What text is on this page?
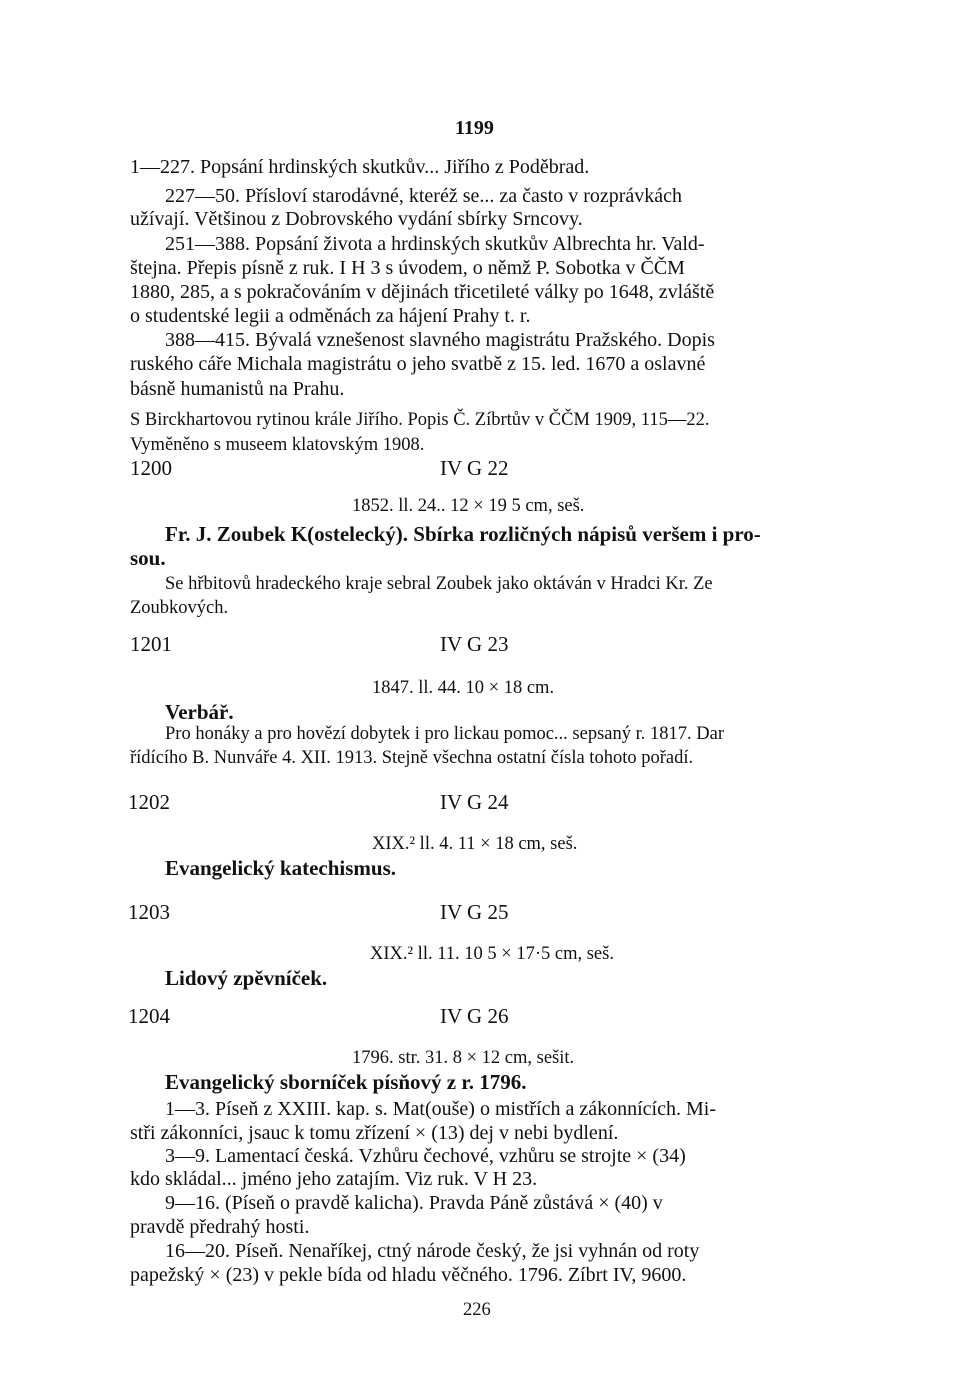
1199
1—227. Popsání hrdinských skutkův... Jiřího z Poděbrad.
227—50. Přísloví starodávné, kteréž se... za často v rozprávkách
užívají. Většinou z Dobrovského vydání sbírky Srncovy.
251—388. Popsání života a hrdinských skutkův Albrechta hr. Vald-
štejna. Přepis písně z ruk. I H 3 s úvodem, o němž P. Sobotka v ČČM
1880, 285, a s pokračováním v dějinách třicetileté války po 1648, zvláště
o studentské legii a odměnách za hájení Prahy t. r.
388—415. Bývalá vznešenost slavného magistrátu Pražského. Dopis
ruského cáře Michala magistrátu o jeho svatbě z 15. led. 1670 a oslavné
básně humanistů na Prahu.
S Birckhartovou rytinou krále Jiřího. Popis Č. Zíbrtův v ČČM 1909, 115—22.
Vyměněno s museem klatovským 1908.
1200	IV G 22
1852. ll. 24.. 12 × 19 5 cm, seš.
Fr. J. Zoubek K(ostelecký). Sbírka rozličných nápisů veršem i pro-
sou.
Se hřbitovů hradeckého kraje sebral Zoubek jako oktáván v Hradci Kr. Ze
Zoubkových.
1201	IV G 23
1847. ll. 44. 10 × 18 cm.
Verbář.
Pro honáky a pro hovězí dobytek i pro lickau pomoc... sepsaný r. 1817. Dar
řídícího B. Nunváře 4. XII. 1913. Stejně všechna ostatní čísla tohoto pořadí.
1202	IV G 24
XIX.² ll. 4. 11 × 18 cm, seš.
Evangelický katechismus.
1203	IV G 25
XIX.² ll. 11. 10 5 × 17·5 cm, seš.
Lidový zpěvníček.
1204	IV G 26
1796. str. 31. 8 × 12 cm, sešit.
Evangelický sborníček písňový z r. 1796.
1—3. Píseň z XXIII. kap. s. Mat(ouše) o mistřích a zákonnících. Mi-
stři zákonníci, jsauc k tomu zřízení × (13) dej v nebi bydlení.
3—9. Lamentací česká. Vzhůru čechové, vzhůru se strojte × (34)
kdo skládal... jméno jeho zatajím. Viz ruk. V H 23.
9—16. (Píseň o pravdě kalicha). Pravda Páně zůstává × (40) v
pravdě předrahý hosti.
16—20. Píseň. Nenaříkej, ctný národe český, že jsi vyhnán od roty
papežský × (23) v pekle bída od hladu věčného. 1796. Zíbrt IV, 9600.
226
